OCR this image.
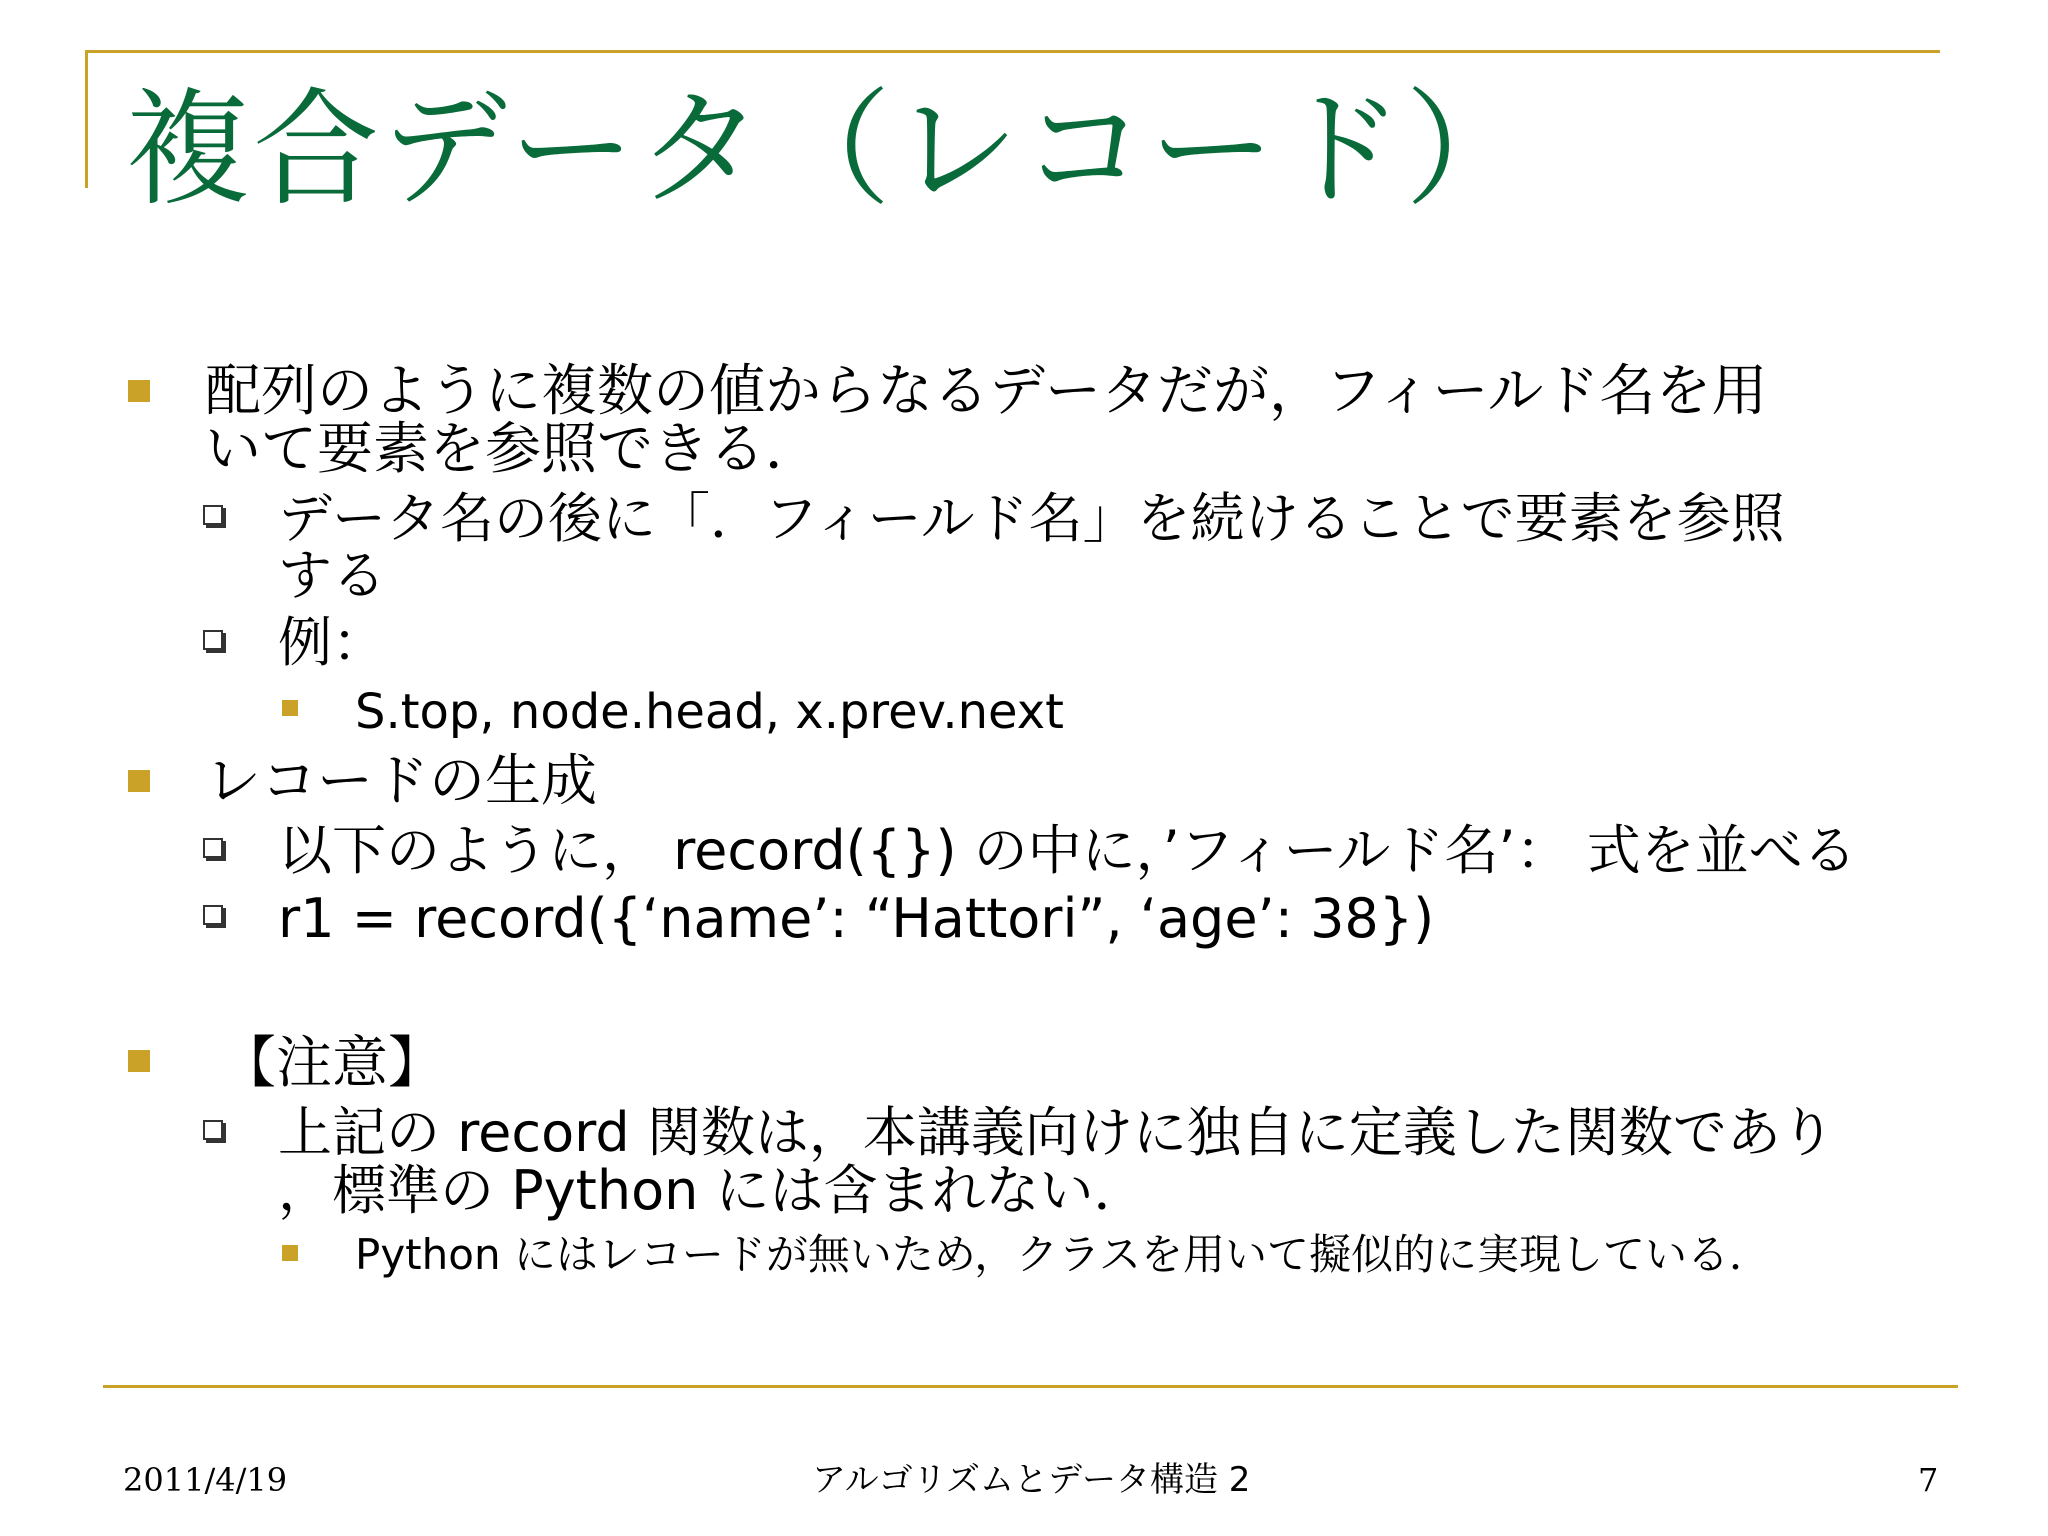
複合データ（レコード）
配列のように複数の値からなるデータだが，フィールド名を用
いて要素を参照できる．
データ名の後に「．フィールド名」を続けることで要素を参照
する
例：
S.top, node.head, x.prev.next
レコードの生成
以下のように， record({}) の中に，’フィールド名’： 式を並べる
r1 = record({‘name’: “Hattori”, ‘age’: 38})
【注意】
上記の record 関数は，本講義向けに独自に定義した関数であり
，標準の Python には含まれない．
Python にはレコードが無いため，クラスを用いて擬似的に実現している．
2011/4/19	アルゴリズムとデータ構造 2	7
